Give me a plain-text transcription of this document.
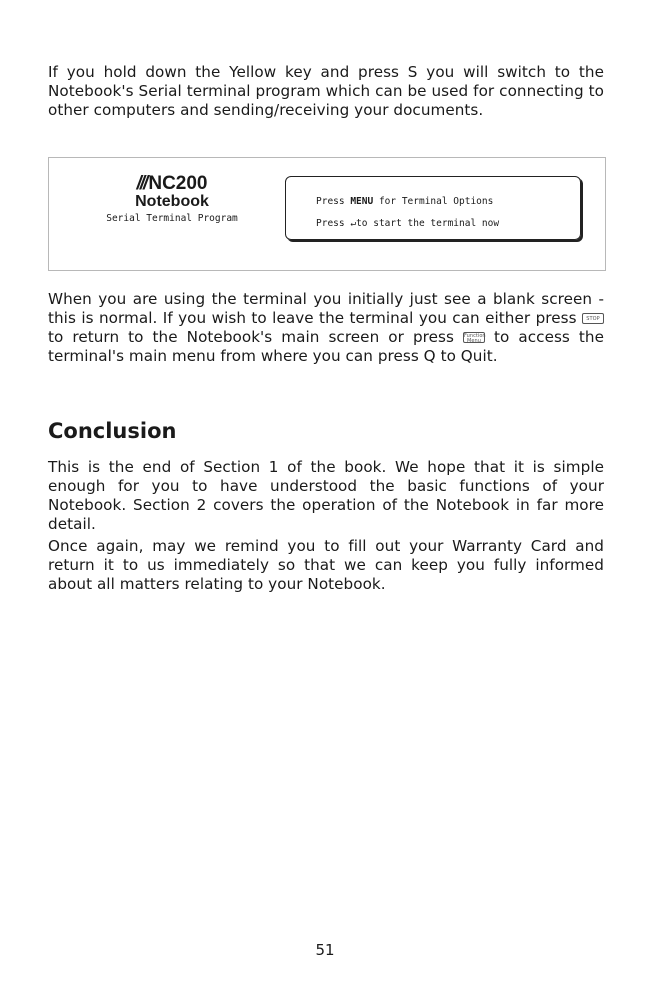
If you hold down the Yellow key and press S you will switch to the Notebook's Serial terminal program which can be used for connecting to other computers and sending/receiving your documents.

/// NC200
Notebook
Serial Terminal Program
Press MENU for Terminal Options
Press ↵to start the terminal now

When you are using the terminal you initially just see a blank screen - this is normal. If you wish to leave the terminal you can either press	STOP
to return to the Notebook's main screen or press Function
Menu to access the terminal's main menu from where you can press Q to Quit.

Conclusion

This is the end of Section 1 of the book. We hope that it is simple enough for you to have understood the basic functions of your Notebook. Section 2 covers the operation of the Notebook in far more detail.

Once again, may we remind you to fill out your Warranty Card and return it to us immediately so that we can keep you fully informed about all matters relating to your Notebook.

51
